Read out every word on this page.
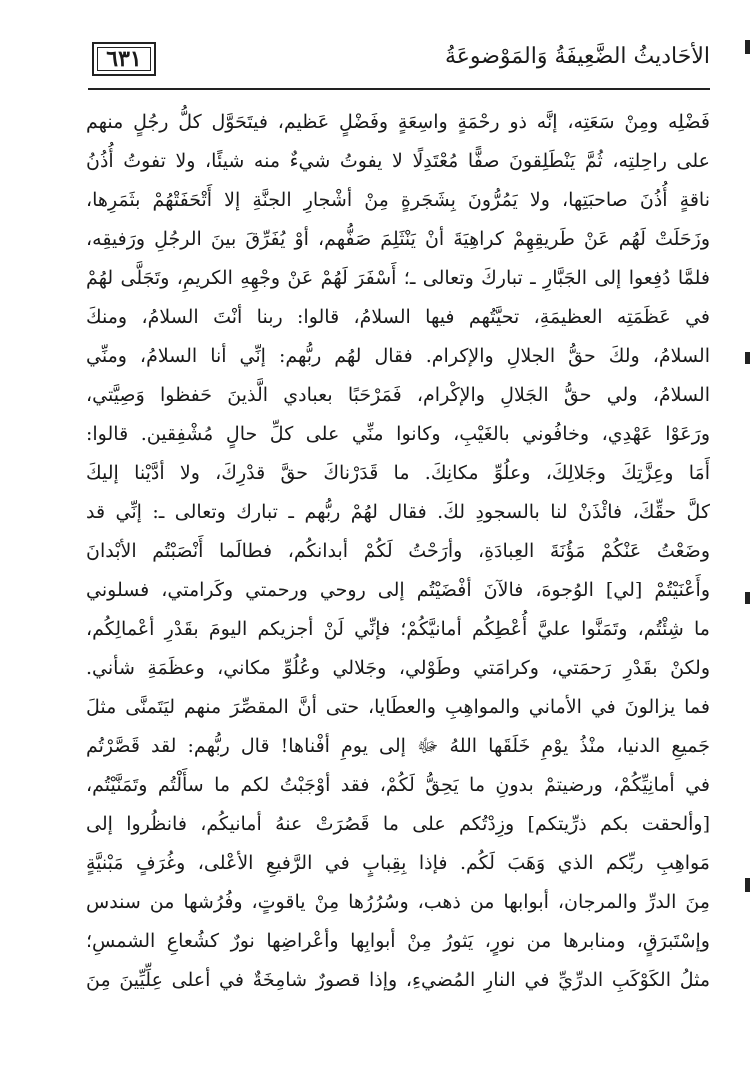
٦٣١	الأحَاديثُ الضَّعِيفَةُ وَالمَوْضوعَةُ
فَضْلِه ومِنْ سَعَتِه، إنَّه ذو رحْمَةٍ واسِعَةٍ وفَضْلٍ عَظيم، فيتَحَوَّل كلُّ رجُلٍ منهم
على راحِلتِه، ثُمَّ يَنْطَلِقونَ صفًّا مُعْتَدِلًا لا يفوتُ شيءٌ منه شيئًا، ولا تفوتُ أُذُنُ
ناقةٍ أُذُنَ صاحبَتِها، ولا يَمُرُّونَ بِشَجَرةٍ مِنْ أشْجارِ الجنَّةِ إلا أَتْحَفَتْهُمْ بثَمَرِها،
وزَحَلَتْ لَهُم عَنْ طَريقِهِمْ كراهِيَةَ أنْ يَنْثَلِمَ صَفُّهم، أوْ يُفَرِّقَ بينَ الرجُلِ ورَفيقِه،
فلمَّا دُفِعوا إلى الجَبَّارِ ـ تباركَ وتعالى ـ؛ أَسْفَرَ لَهُمْ عَنْ وجْهِهِ الكريمِ، وتَجَلَّى لهُمْ
في عَظَمَتِه العظيمَةِ، تحيَّتُهم فيها السلامُ، قالوا: ربنا أنْتَ السلامُ، ومنكَ
السلامُ، ولكَ حقُّ الجلالِ والإكرام. فقال لهُم ربُّهم: إنِّي أنا السلامُ، ومنِّي
السلامُ، ولي حقُّ الجَلالِ والإكْرام، فَمَرْحَبًا بعبادي الَّذينَ حَفظوا وَصِيَّتي،
ورَعَوْا عَهْدِي، وخافُوني بالغَيْبِ، وكانوا منِّي على كلِّ حالٍ مُشْفِقين. قالوا:
أَمَا وعِزَّتِكَ وجَلالِكَ، وعلُوِّ مكانِكَ. ما قَدَرْناكَ حقَّ قدْرِكَ، ولا أدَّيْنا إليكَ
كلَّ حقِّكَ، فائْذَنْ لنا بالسجودِ لكَ. فقال لهُمْ ربُّهم ـ تبارك وتعالى ـ: إنِّي قد
وضَعْتُ عَنْكُمْ مَؤُنَةَ العِبادَةِ، وأرَحْتُ لَكُمْ أبدانكُم، فطالَما أَنْصَبْتُم الأبْدانَ
وأَعْنَيْتُمْ [لي] الوُجوهَ، فالآنَ أفْضَيْتُم إلى روحي ورحمتي وكَرامتي، فسلوني
ما شِئْتُم، وتَمَنَّوا عليَّ أُعْطِكُم أمانيَّكُمْ؛ فإنِّي لَنْ أجزيكم اليومَ بقَدْرِ أعْمالِكُم،
ولكنْ بقَدْرِ رَحمَتي، وكرامَتي وطَوْلي، وجَلالي وعُلُوِّ مكاني، وعظَمَةِ شأني.
فما يزالونَ في الأماني والمواهِبِ والعطَايا، حتى أنَّ المقصِّرَ منهم ليَتَمنَّى مثلَ
جَميعِ الدنيا، منْذُ يوْمِ خَلَقَها اللهُ ﷻ إلى يومِ أفْناها! قال ربُّهم: لقد قَصَّرْتُم
في أمانِيِّكُمْ، ورضيتمْ بدونِ ما يَحِقُّ لَكُمْ، فقد أوْجَبْتُ لكم ما سأَلْتُم وتَمَنَّيْتُم،
[وألحقت بكم ذرِّيتكم] وزِدْتُكم على ما قَصُرَتْ عنهُ أمانيكُم، فانظُروا إلى
مَواهِبِ ربِّكم الذي وَهَبَ لَكُم. فإذا بِقِبابٍ في الرَّفيعِ الأعْلى، وغُرَفٍ مَبْنيَّةٍ
مِنَ الدرِّ والمرجان، أبوابها من ذهب، وسُرُرُها مِنْ ياقوتٍ، وفُرُشها من سندس
وإسْتَبرَقٍ، ومنابرها من نورٍ، يَثورُ مِنْ أبوابِها وأعْراضِها نورٌ كشُعاعِ الشمسِ؛
مثلُ الكَوْكَبِ الدرِّيِّ في النارِ المُضيءِ، وإذا قصورٌ شامِخَةٌ في أعلى عِلِّيِّينَ مِنَ
